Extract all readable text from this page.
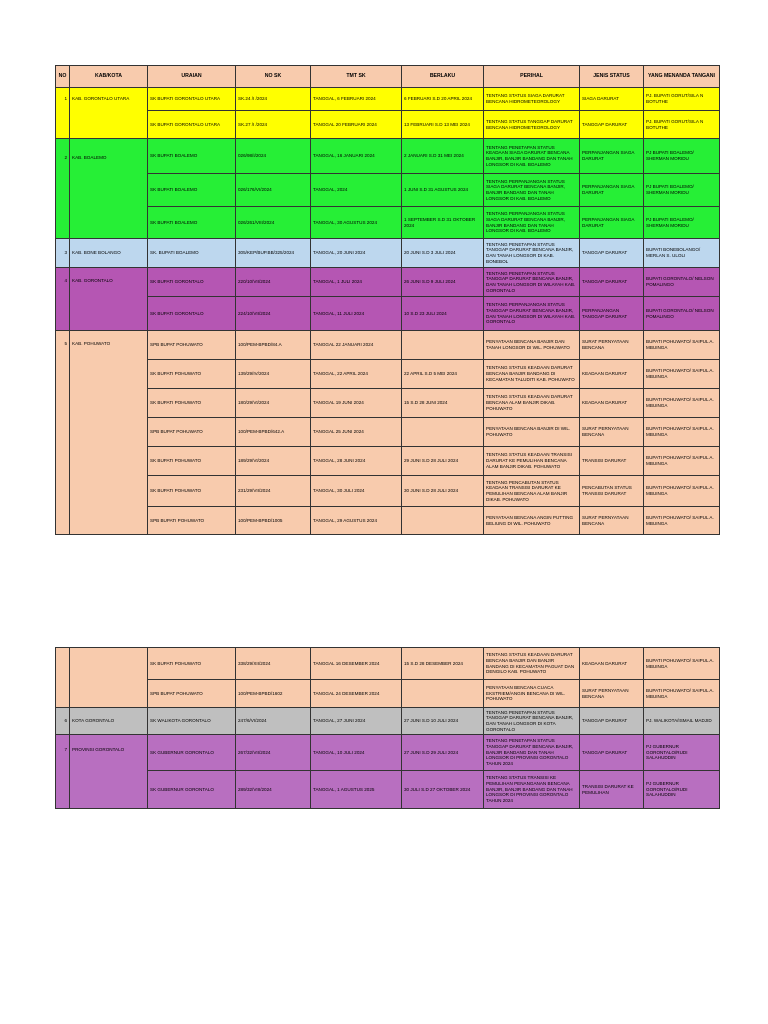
NO	KAB/KOTA	URAIAN	NO SK	TMT SK	BERLAKU	PERIHAL	JENIS STATUS	YANG MENANDA TANGANI
1	KAB. GORONTALO UTARA	SK BUPATI GORONTALO UTARA	SK.24 /I /2024	TANGGAL, 6 FEBRUARI 2024	6 FEBRUARI S.D 20 APRIL 2024	TENTANG STATUS SIAGA DARURAT BENCANA HIDROMETEOROLOGY	SIAGA DARURAT	PJ. BUPATI GORUT/SILA N BOTUTHE
		SK BUPATI GORONTALO UTARA	SK.27 /I /2024	TANGGAL 20 FEBRUARI 2024	13 FEBRUARI S.D 13 MEI 2024	TENTANG STATUS TANGGAP DARURAT BENCANA HIDROMETEOROLOGY	TANGGAP DARURAT	PJ. BUPATI GORUT/SILA N BOTUTHE
2	KAB. BOALEMO	SK BUPATI BOALEMO	026/98/I/2024	TANGGAL, 16 JANUARI 2024	2 JANUARI S.D 31 MEI 2024	TENTANG PENETAPAN STATUS KEADAAN SIAGA DARURAT BENCANA BANJIR, BANJIR BANDANG DAN TANAH LONGSOR DI KAB. BOALEMO	PERPANJANGAN SIAGA DARURAT	PJ BUPATI BOALEMO/ SHERMAN MORIDU
		SK BUPATI BOALEMO	026/176/VI/2024	TANGGAL, 2024	1 JUNI S.D 31 AGUSTUS 2024	TENTANG PERPANJANGAN STATUS SIAGA DARURAT BENCANA BANJIR, BANJIR BANDANG DAN TANAH LONGSOR DI KAB. BOALEMO	PERPANJANGAN SIAGA DARURAT	PJ BUPATI BOALEMO/ SHERMAN MORIDU
		SK BUPATI BOALEMO	026/261/VIII/2024	TANGGAL, 30 AGUSTUS 2024	1 SEPTEMBER S.D 31 OKTOBER 2024	TENTANG PERPANJANGAN STATUS SIAGA DARURAT BENCANA BANJIR, BANJIR BANDANG DAN TANAH LONGSOR DI KAB. BOALEMO	PERPANJANGAN SIAGA DARURAT	PJ BUPATI BOALEMO/ SHERMAN MORIDU
3	KAB. BONE BOLANGO	SK. BUPATI BOALEMO	305/KEP/BUP.BB/325/2024	TANGGAL, 20 JUNI 2024	20 JUNI S.D 3 JULI 2024	TENTANG PENETAPAN STATUS TANGGAP DARURAT BENCANA BANJIR, DAN TANAH LONGSOR DI KAB. BONEBOL	TANGGAP DARURAT	BUPATI BONEBOLANGO/ MERLAN S. ULOLI
4	KAB. GORONTALO	SK BUPATI GORONTALO	220/10/VII/2024	TANGGAL, 1 JULI 2024	26 JUNI S.D 9 JULI 2024	TENTANG PENETAPAN STATUS TANGGAP DARURAT BENCANA BANJIR, DAN TANAH LONGSOR DI WILAYAH KAB. GORONTALO	TANGGAP DARURAT	BUPATI GORONTALO/ NELSON POMALINGO
		SK BUPATI GORONTALO	224/10/VII/2024	TANGGAL, 11 JULI 2024	10 S.D 23 JULI 2024	TENTANG PERPANJANGAN STATUS TANGGAP DARURAT BENCANA BANJIR, DAN TANAH LONGSOR DI WILAYAH KAB. GORONTALO	PERPANJANGAN TANGGAP DARURAT	BUPATI GORONTALO/ NELSON POMALINGO
5	KAB. POHUWATO	SPB BUPAT POHUWATO	100/PEM-BPBD/84.A	TANGGAL 22 JANUARI 2024		PENYATAAN BENCANA BANJIR DAN TANAH LONGSOR DI WIL. POHUWATO	SURAT PERNYATAAN BENCANA	BUPATI POHUWATO/ SAIPUL A. MBUINGA
		SK BUPATI POHUWATO	139/29/IV/2024	TANGGAL, 22 APRIL 2024	22 APRIL S.D 5 MEI 2024	TENTANG STATUS KEADAAN DARURAT BENCANA BANJIR BANDANG DI KECAMATAN TALUDITI KAB. POHUWATO	KEADAAN DARURAT	BUPATI POHUWATO/ SAIPUL A. MBUINGA
		SK BUPATI POHUWATO	180/29/VI/2024	TANGGAL 19 JUNI 2024	15 S.D 28 JUNI 2024	TENTANG STATUS KEADAAN DARURAT BENCANA ALAM BANJIR DIKAB. POHUWATO	KEADAAN DARURAT	BUPATI POHUWATO/ SAIPUL A. MBUINGA
		SPB BUPAT POHUWATO	100/PEM-BPBD/642.A	TANGGAL 25 JUNI 2024		PENYATAAN BENCANA BANJIR DI WIL. POHUWATO	SURAT PERNYATAAN BENCANA	BUPATI POHUWATO/ SAIPUL A. MBUINGA
		SK BUPATI POHUWATO	189/29/VI/2024	TANGGAL, 28 JUNI 2024	29 JUNI S.D 28 JULI 2024	TENTANG STATUS KEADAAN TRANSISI DARURAT KE PEMULIHAN BENCANA ALAM BANJIR DIKAB. POHUWATO	TRANSISI DARURAT	BUPATI POHUWATO/ SAIPUL A. MBUINGA
		SK BUPATI POHUWATO	231/29/VII/2024	TANGGAL, 30 JULI 2024	30 JUNI S.D 28 JULI 2024	TENTANG PENCABUTAN STATUS KEADAAN TRANSISI DARURAT KE PEMULIHAN BENCANA ALAM BANJIR DIKAB. POHUWATO	PENCABUTAN STATUS TRANSISI DARURAT	BUPATI POHUWATO/ SAIPUL A. MBUINGA
		SPB BUPATI POHUWATO	100/PEM-BPBD/1005	TANGGAL, 29 AGUSTUS 2024		PENYATAAN BENCANA ANGIN PUTTING BELIUNG DI WIL. POHUWATO	SURAT PERNYATAAN BENCANA	BUPATI POHUWATO/ SAIPUL A. MBUINGA
		SK BUPATI POHUWATO	338/29/XII/2024	TANGGAL 16 DESEMBER 2024	15 S.D 28 DESEMBER 2024	TENTANG STATUS KEADAAN DARURAT BENCANA BANJIR DAN BANJIR BANDANG DI KECAMATAN PAGUAT DAN DENGILO KAB. POHUWATO	KEADAAN DARURAT	BUPATI POHUWATO/ SAIPUL A. MBUINGA
		SPB BUPAT POHUWATO	100/PEM-BPBD/1602	TANGGAL 24 DESEMBER 2024		PENYATAAN BENCANA CUACA EKSTRIEM/ANGIN BENCANA DI WIL. POHUWATO	SURAT PERNYATAAN BENCANA	BUPATI POHUWATO/ SAIPUL A. MBUINGA
6	KOTA GORONTALO	SK WALIKOTA GORONTALO	247/6/VI/2024	TANGGAL, 27 JUNI 2024	27 JUNI S.D 10 JULI 2024	TENTANG PENETAPAN STATUS TANGGAP DARURAT BENCANA BANJIR, DAN TANAH LONGSOR DI KOTA GORONTALO	TANGGAP DARURAT	PJ. WALIKOTA/ISMAIL MADJID
7	PROVINSI GORONTALO	SK GUBERNUR GORONTALO	267/32/VII/2024	TANGGAL, 10 JULI 2024	27 JUNI S.D 29 JULI 2024	TENTANG PENETAPAN STATUS TANGGAP DARURAT BENCANA BANJIR, BANJIR BANDANG DAN TANAH LONGSOR DI PROVINSI GORONTALO TAHUN 2024	TANGGAP DARURAT	PJ GUBERNUR GORONTALO/RUDI SALAHUDDIN
		SK GUBERNUR GORONTALO	289/32/VIII/2024	TANGGAL, 1 AGUSTUS 2025	30 JULI S.D 27 OKTOBER 2024	TENTANG STATUS TRANSISI KE PEMULIHAN PENANGANAN BENCANA BANJIR, BANJIR BANDANG DAN TANAH LONGSOR DI PROVINSI GORONTALO TAHUN 2024	TRANSISI DARURAT KE PEMULIHAN	PJ GUBERNUR GORONTALO/RUDI SALAHUDDIN
